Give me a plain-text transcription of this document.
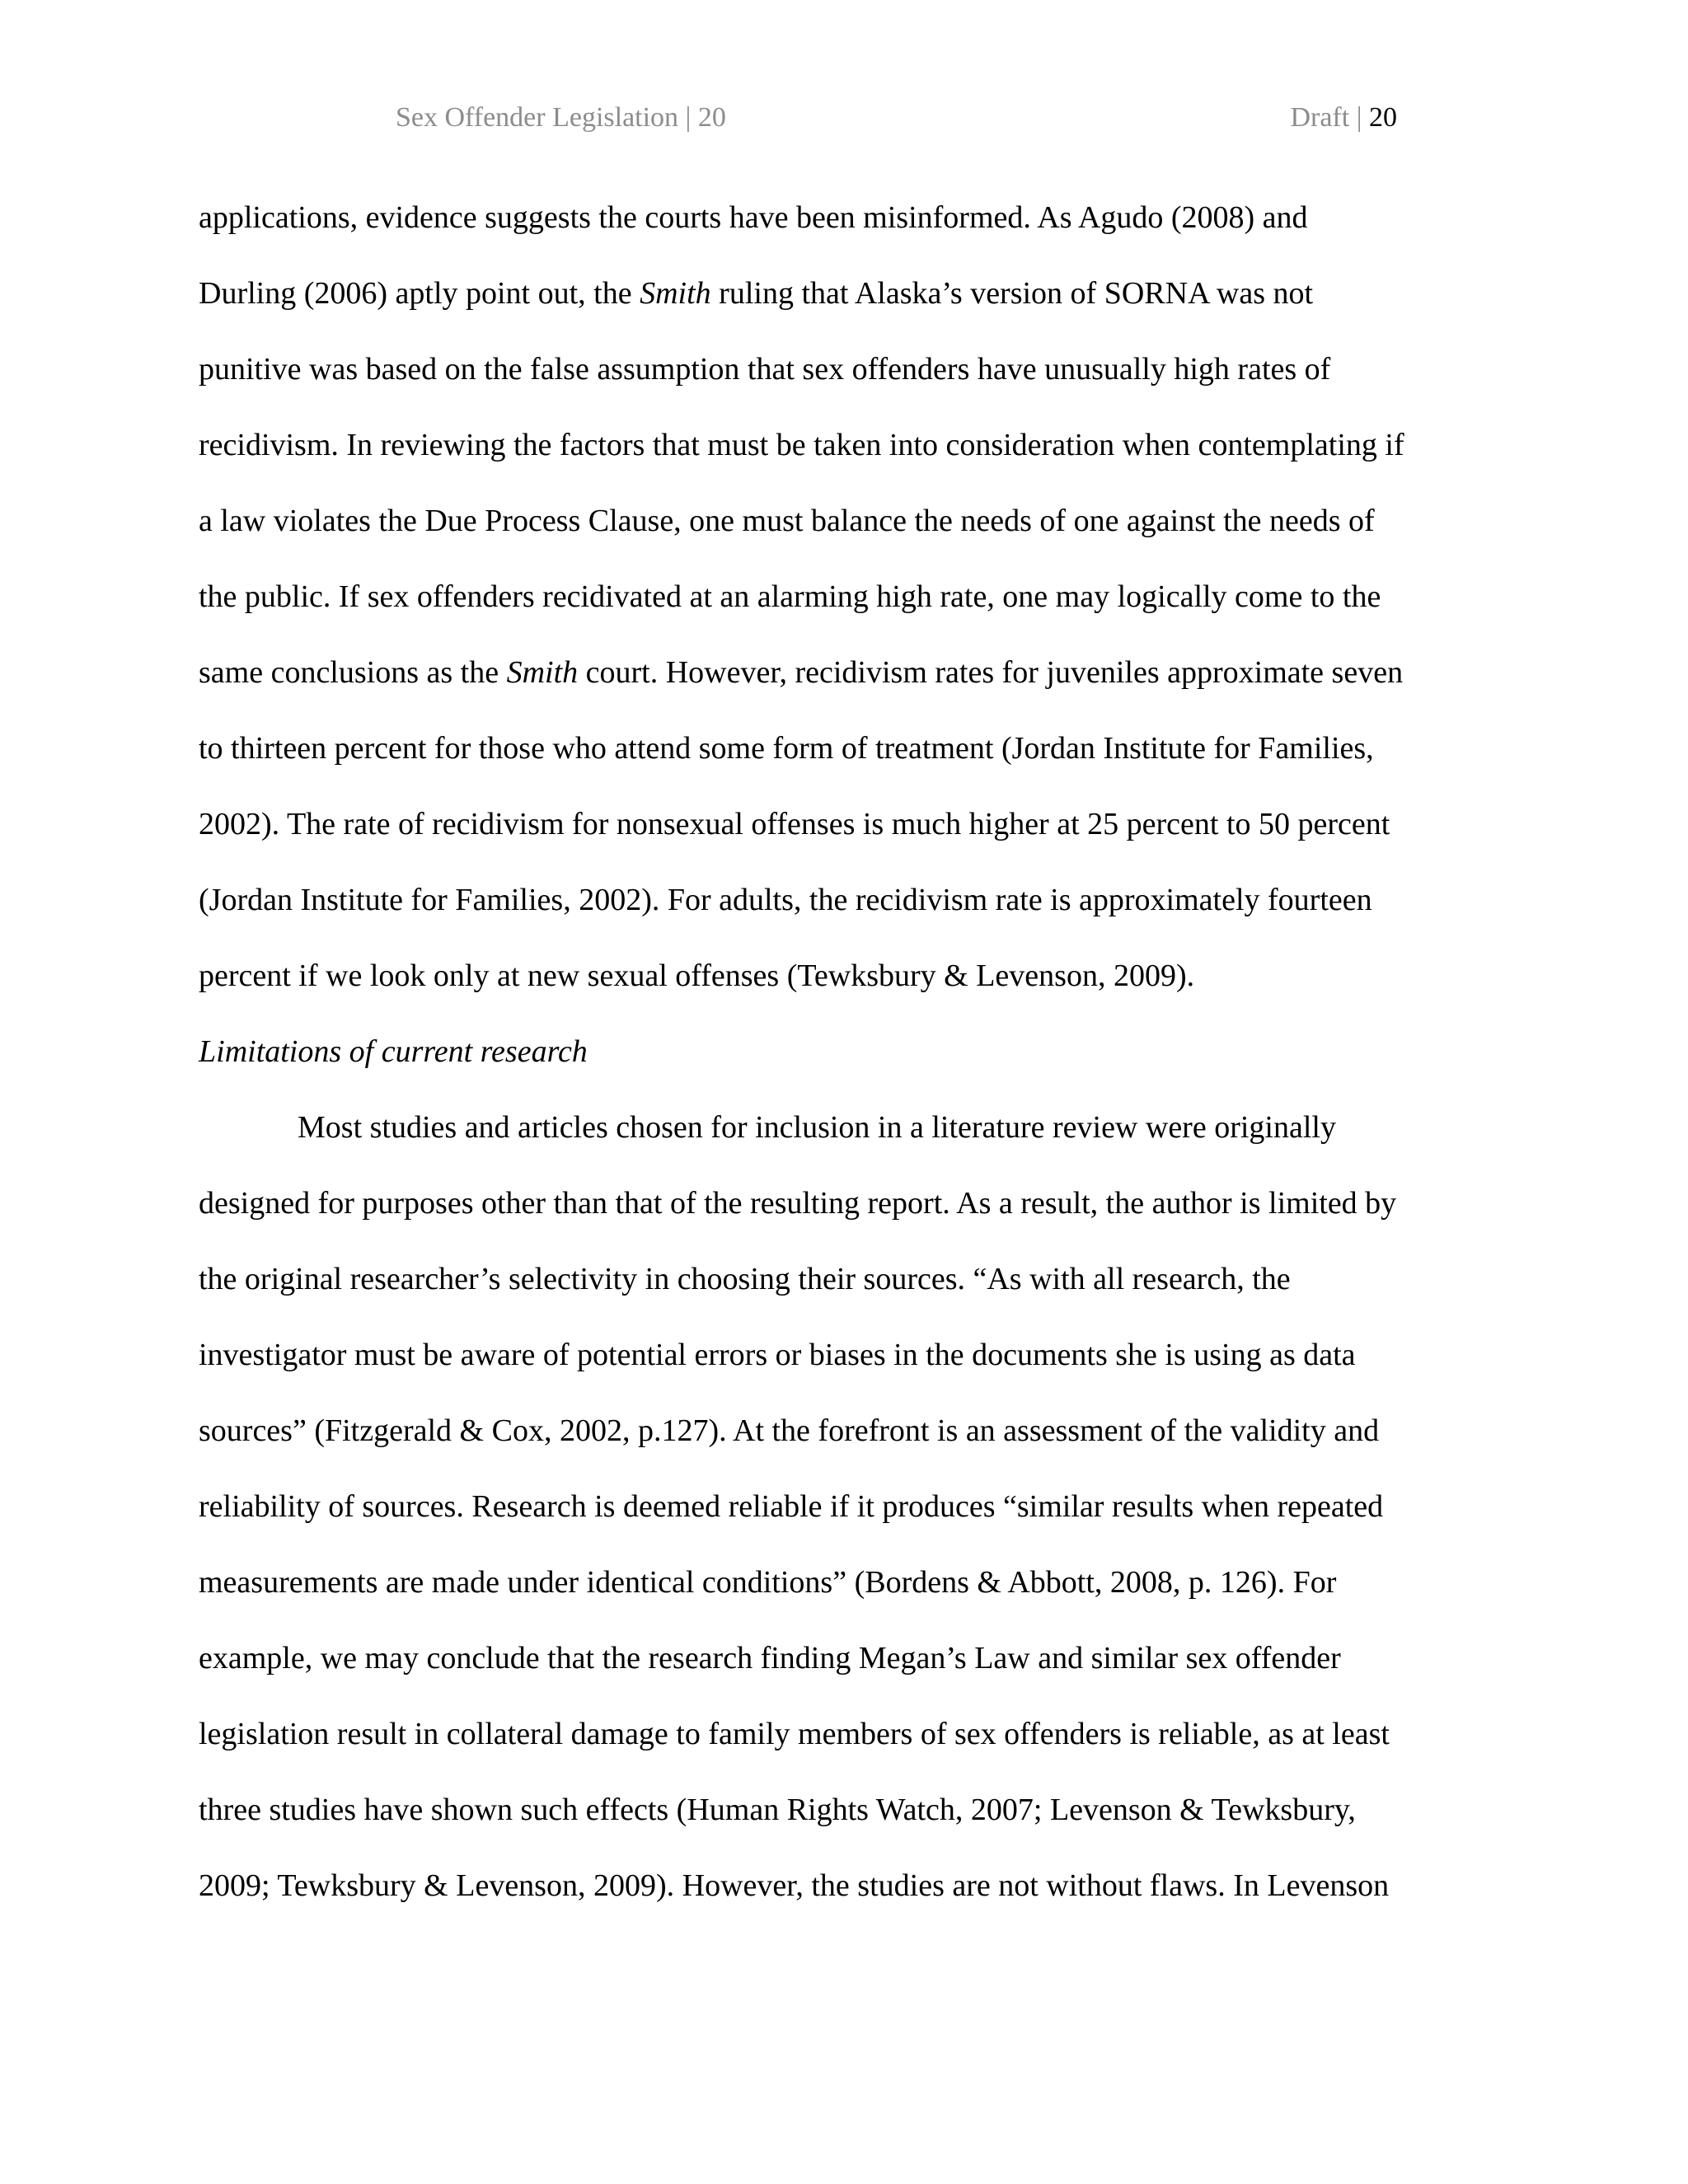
Sex Offender Legislation | 20	Draft | 20
applications, evidence suggests the courts have been misinformed. As Agudo (2008) and
Durling (2006) aptly point out, the Smith ruling that Alaska’s version of SORNA was not
punitive was based on the false assumption that sex offenders have unusually high rates of
recidivism. In reviewing the factors that must be taken into consideration when contemplating if
a law violates the Due Process Clause, one must balance the needs of one against the needs of
the public. If sex offenders recidivated at an alarming high rate, one may logically come to the
same conclusions as the Smith court. However, recidivism rates for juveniles approximate seven
to thirteen percent for those who attend some form of treatment (Jordan Institute for Families,
2002). The rate of recidivism for nonsexual offenses is much higher at 25 percent to 50 percent
(Jordan Institute for Families, 2002). For adults, the recidivism rate is approximately fourteen
percent if we look only at new sexual offenses (Tewksbury & Levenson, 2009).
Limitations of current research
Most studies and articles chosen for inclusion in a literature review were originally
designed for purposes other than that of the resulting report. As a result, the author is limited by
the original researcher’s selectivity in choosing their sources. “As with all research, the
investigator must be aware of potential errors or biases in the documents she is using as data
sources” (Fitzgerald & Cox, 2002, p.127). At the forefront is an assessment of the validity and
reliability of sources. Research is deemed reliable if it produces “similar results when repeated
measurements are made under identical conditions” (Bordens & Abbott, 2008, p. 126). For
example, we may conclude that the research finding Megan’s Law and similar sex offender
legislation result in collateral damage to family members of sex offenders is reliable, as at least
three studies have shown such effects (Human Rights Watch, 2007; Levenson & Tewksbury,
2009; Tewksbury & Levenson, 2009). However, the studies are not without flaws. In Levenson
